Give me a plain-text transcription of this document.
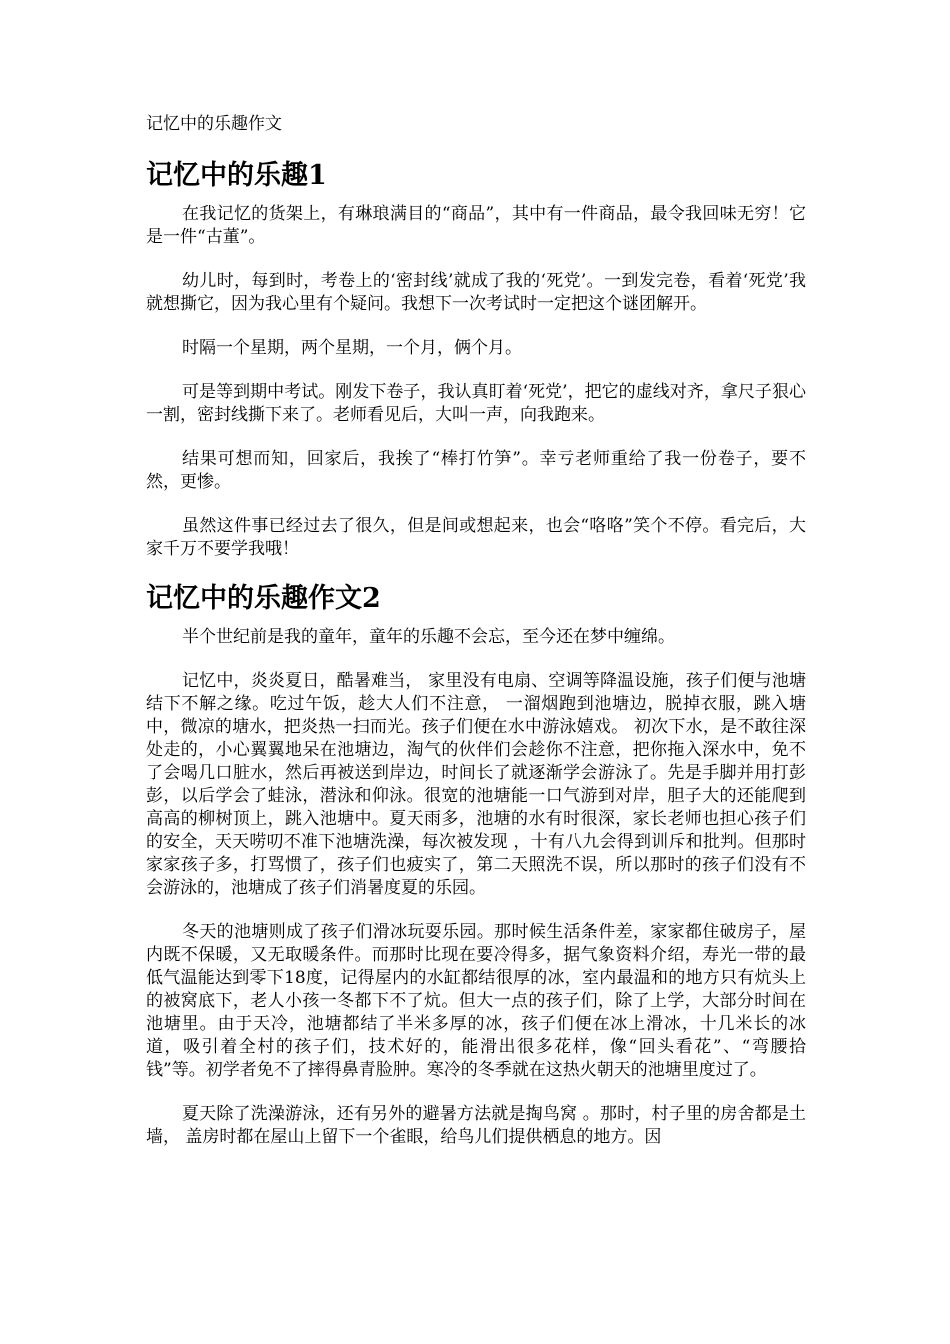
记忆中的乐趣作文
记忆中的乐趣1

在我记忆的货架上，有琳琅满目的“商品”，其中有一件商品，最令我回味无穷！它是一件“古董”。

幼儿时，每到时，考卷上的‘密封线’就成了我的‘死党’。一到发完卷，看着‘死党’我就想撕它，因为我心里有个疑问。我想下一次考试时一定把这个谜团解开。

时隔一个星期，两个星期，一个月，俩个月。

可是等到期中考试。刚发下卷子，我认真盯着‘死党’，把它的虚线对齐，拿尺子狠心一割，密封线撕下来了。老师看见后，大叫一声，向我跑来。

结果可想而知，回家后，我挨了“棒打竹笋”。幸亏老师重给了我一份卷子，要不然，更惨。

虽然这件事已经过去了很久，但是间或想起来，也会“咯咯”笑个不停。看完后，大家千万不要学我哦！

记忆中的乐趣作文2

半个世纪前是我的童年，童年的乐趣不会忘，至今还在梦中缠绵。

记忆中，炎炎夏日，酷暑难当， 家里没有电扇、空调等降温设施，孩子们便与池塘结下不解之缘。吃过午饭，趁大人们不注意， 一溜烟跑到池塘边，脱掉衣服，跳入塘中，微凉的塘水，把炎热一扫而光。孩子们便在水中游泳嬉戏。 初次下水，是不敢往深处走的，小心翼翼地呆在池塘边，淘气的伙伴们会趁你不注意，把你拖入深水中，免不了会喝几口脏水，然后再被送到岸边，时间长了就逐渐学会游泳了。先是手脚并用打彭彭，以后学会了蛙泳，潜泳和仰泳。很宽的池塘能一口气游到对岸，胆子大的还能爬到高高的柳树顶上，跳入池塘中。夏天雨多，池塘的水有时很深，家长老师也担心孩子们的安全，天天唠叨不准下池塘洗澡，每次被发现 ，十有八九会得到训斥和批判。但那时家家孩子多，打骂惯了，孩子们也疲实了，第二天照洗不误，所以那时的孩子们没有不会游泳的，池塘成了孩子们消暑度夏的乐园。

冬天的池塘则成了孩子们滑冰玩耍乐园。那时候生活条件差，家家都住破房子，屋内既不保暖，又无取暖条件。而那时比现在要冷得多，据气象资料介绍，寿光一带的最低气温能达到零下18度，记得屋内的水缸都结很厚的冰，室内最温和的地方只有炕头上的被窝底下，老人小孩一冬都下不了炕。但大一点的孩子们，除了上学，大部分时间在池塘里。由于天冷，池塘都结了半米多厚的冰，孩子们便在冰上滑冰，十几米长的冰道，吸引着全村的孩子们，技术好的，能滑出很多花样，像“回头看花”、“弯腰拾钱”等。初学者免不了摔得鼻青脸肿。寒冷的冬季就在这热火朝天的池塘里度过了。

夏天除了洗澡游泳，还有另外的避暑方法就是掏鸟窝 。那时，村子里的房舍都是土墙， 盖房时都在屋山上留下一个雀眼，给鸟儿们提供栖息的地方。因
